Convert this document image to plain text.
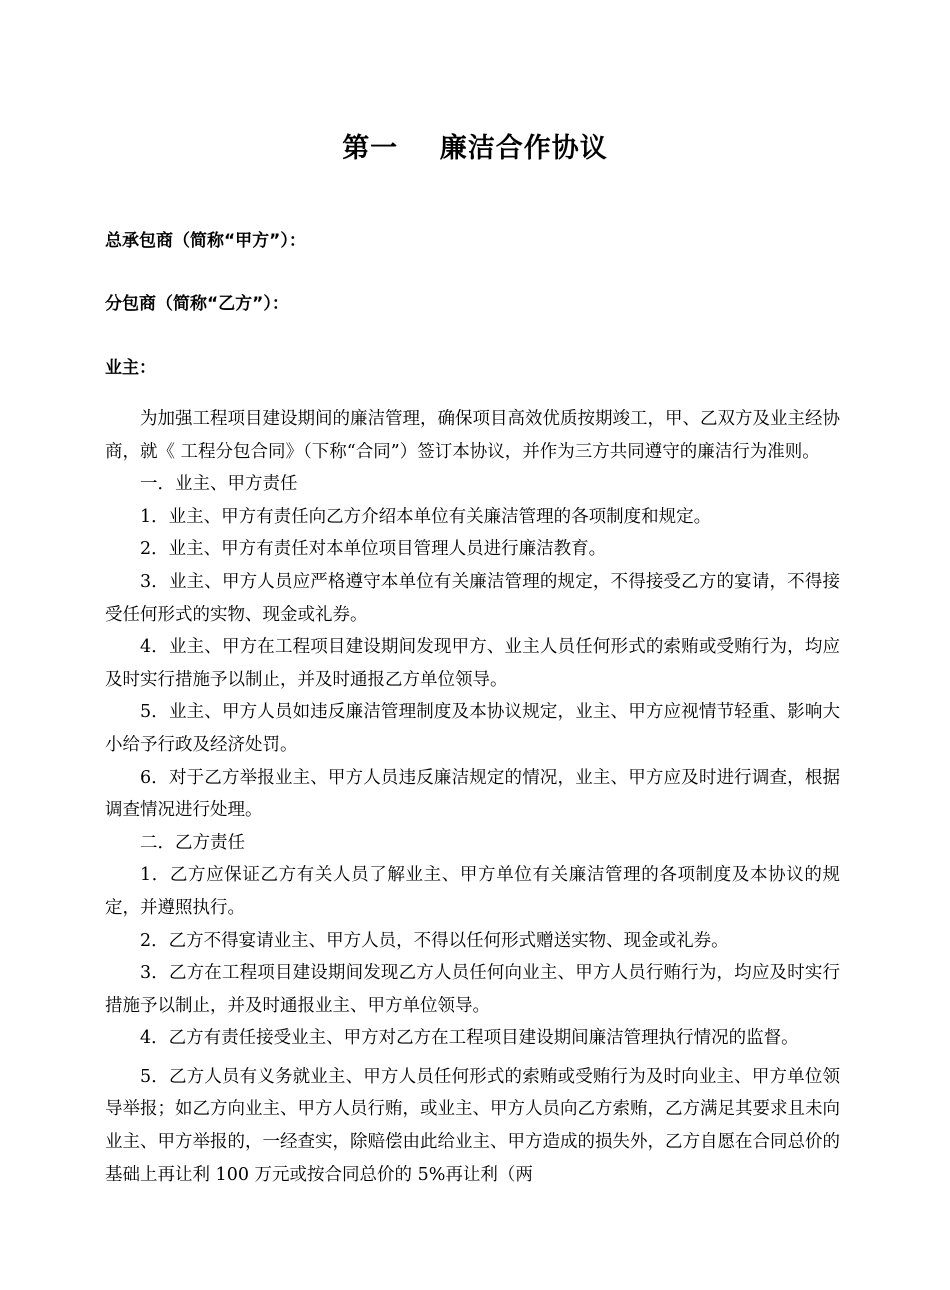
第一    廉洁合作协议
总承包商（简称“甲方”）：
分包商（简称“乙方”）：
业主：

为加强工程项目建设期间的廉洁管理，确保项目高效优质按期竣工，甲、乙双方及业主经协商，就《 工程分包合同》（下称“合同”）签订本协议，并作为三方共同遵守的廉洁行为准则。

一．业主、甲方责任

1．业主、甲方有责任向乙方介绍本单位有关廉洁管理的各项制度和规定。

2．业主、甲方有责任对本单位项目管理人员进行廉洁教育。

3．业主、甲方人员应严格遵守本单位有关廉洁管理的规定，不得接受乙方的宴请，不得接受任何形式的实物、现金或礼券。

4．业主、甲方在工程项目建设期间发现甲方、业主人员任何形式的索贿或受贿行为，均应及时实行措施予以制止，并及时通报乙方单位领导。

5．业主、甲方人员如违反廉洁管理制度及本协议规定，业主、甲方应视情节轻重、影响大小给予行政及经济处罚。

6．对于乙方举报业主、甲方人员违反廉洁规定的情况，业主、甲方应及时进行调查，根据调查情况进行处理。

二．乙方责任

1．乙方应保证乙方有关人员了解业主、甲方单位有关廉洁管理的各项制度及本协议的规定，并遵照执行。

2．乙方不得宴请业主、甲方人员，不得以任何形式赠送实物、现金或礼券。

3．乙方在工程项目建设期间发现乙方人员任何向业主、甲方人员行贿行为，均应及时实行措施予以制止，并及时通报业主、甲方单位领导。

4．乙方有责任接受业主、甲方对乙方在工程项目建设期间廉洁管理执行情况的监督。

5．乙方人员有义务就业主、甲方人员任何形式的索贿或受贿行为及时向业主、甲方单位领导举报；如乙方向业主、甲方人员行贿，或业主、甲方人员向乙方索贿，乙方满足其要求且未向业主、甲方举报的，一经查实，除赔偿由此给业主、甲方造成的损失外，乙方自愿在合同总价的基础上再让利 100 万元或按合同总价的 5%再让利（两
